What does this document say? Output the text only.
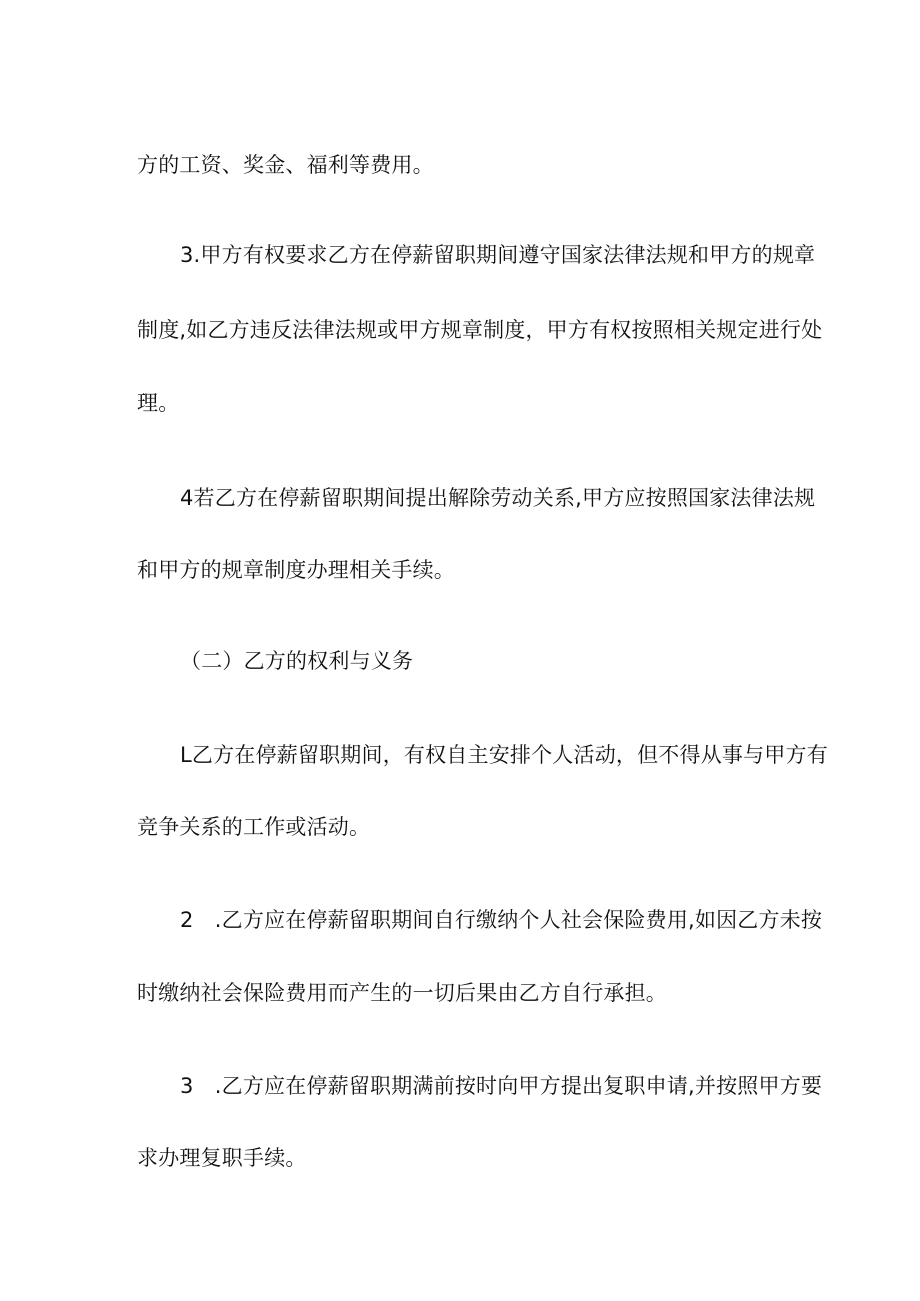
方的工资、奖金、福利等费用。
3.甲方有权要求乙方在停薪留职期间遵守国家法律法规和甲方的规章
制度,如乙方违反法律法规或甲方规章制度，甲方有权按照相关规定进行处
理。
4若乙方在停薪留职期间提出解除劳动关系,甲方应按照国家法律法规
和甲方的规章制度办理相关手续。
（二）乙方的权利与义务
L乙方在停薪留职期间，有权自主安排个人活动，但不得从事与甲方有
竞争关系的工作或活动。
2　.乙方应在停薪留职期间自行缴纳个人社会保险费用,如因乙方未按
时缴纳社会保险费用而产生的一切后果由乙方自行承担。
3　.乙方应在停薪留职期满前按时向甲方提出复职申请,并按照甲方要
求办理复职手续。
